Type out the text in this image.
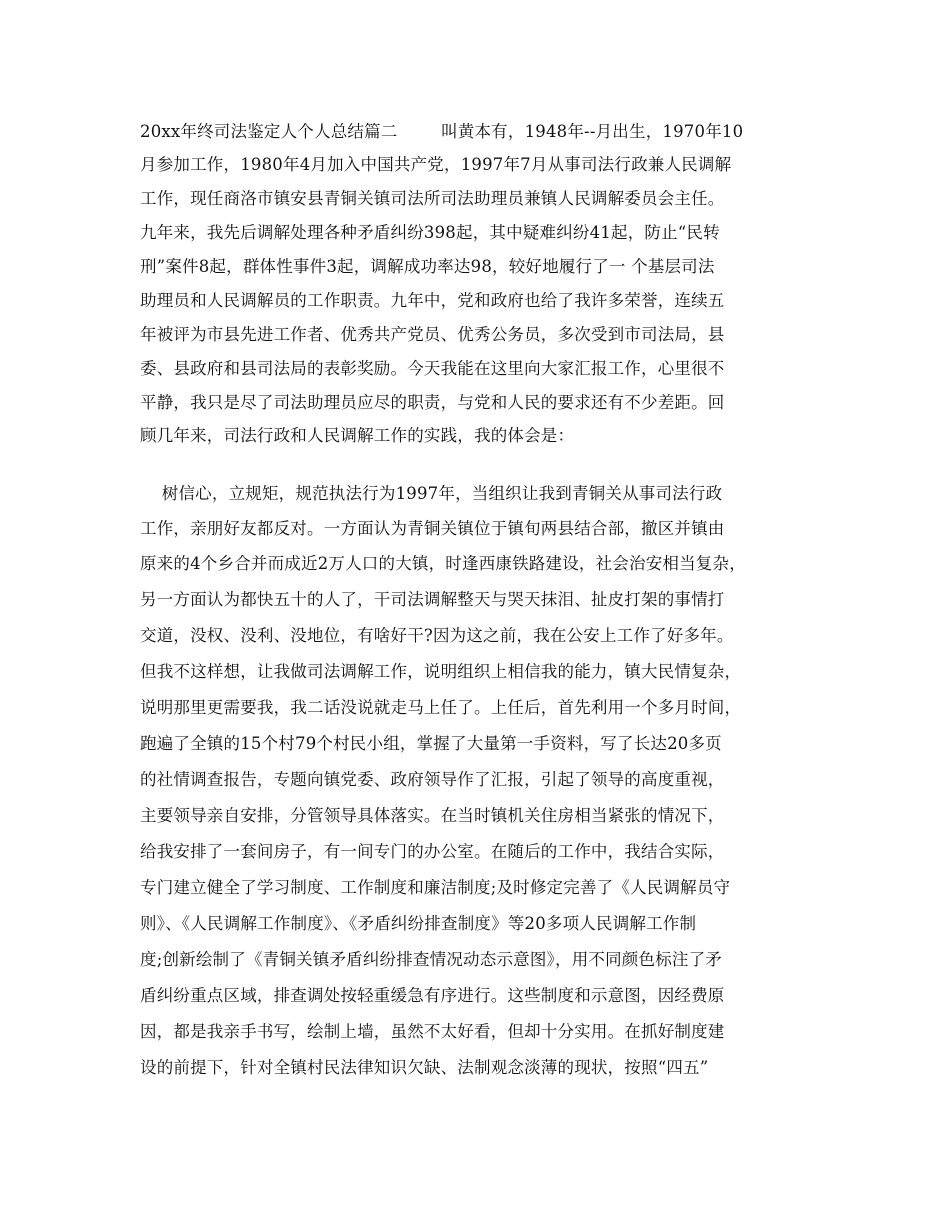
20xx年终司法鉴定人个人总结篇二        叫黄本有，1948年--月出生，1970年10
月参加工作，1980年4月加入中国共产党，1997年7月从事司法行政兼人民调解
工作，现任商洛市镇安县青铜关镇司法所司法助理员兼镇人民调解委员会主任。
九年来，我先后调解处理各种矛盾纠纷398起，其中疑难纠纷41起，防止“民转
刑”案件8起，群体性事件3起，调解成功率达98，较好地履行了一 个基层司法
助理员和人民调解员的工作职责。九年中，党和政府也给了我许多荣誉，连续五
年被评为市县先进工作者、优秀共产党员、优秀公务员，多次受到市司法局，县
委、县政府和县司法局的表彰奖励。今天我能在这里向大家汇报工作，心里很不
平静，我只是尽了司法助理员应尽的职责，与党和人民的要求还有不少差距。回
顾几年来，司法行政和人民调解工作的实践，我的体会是：
树信心，立规矩，规范执法行为1997年，当组织让我到青铜关从事司法行政
工作，亲朋好友都反对。一方面认为青铜关镇位于镇旬两县结合部，撤区并镇由
原来的4个乡合并而成近2万人口的大镇，时逢西康铁路建设，社会治安相当复杂，
另一方面认为都快五十的人了，干司法调解整天与哭天抹泪、扯皮打架的事情打
交道，没权、没利、没地位，有啥好干?因为这之前，我在公安上工作了好多年。
但我不这样想，让我做司法调解工作，说明组织上相信我的能力，镇大民情复杂，
说明那里更需要我，我二话没说就走马上任了。上任后，首先利用一个多月时间，
跑遍了全镇的15个村79个村民小组，掌握了大量第一手资料，写了长达20多页
的社情调查报告，专题向镇党委、政府领导作了汇报，引起了领导的高度重视，
主要领导亲自安排，分管领导具体落实。在当时镇机关住房相当紧张的情况下，
给我安排了一套间房子，有一间专门的办公室。在随后的工作中，我结合实际，
专门建立健全了学习制度、工作制度和廉洁制度;及时修定完善了《人民调解员守
则》、《人民调解工作制度》、《矛盾纠纷排查制度》等20多项人民调解工作制
度;创新绘制了《青铜关镇矛盾纠纷排查情况动态示意图》，用不同颜色标注了矛
盾纠纷重点区域，排查调处按轻重缓急有序进行。这些制度和示意图，因经费原
因，都是我亲手书写，绘制上墙，虽然不太好看，但却十分实用。在抓好制度建
设的前提下，针对全镇村民法律知识欠缺、法制观念淡薄的现状，按照“四五”
